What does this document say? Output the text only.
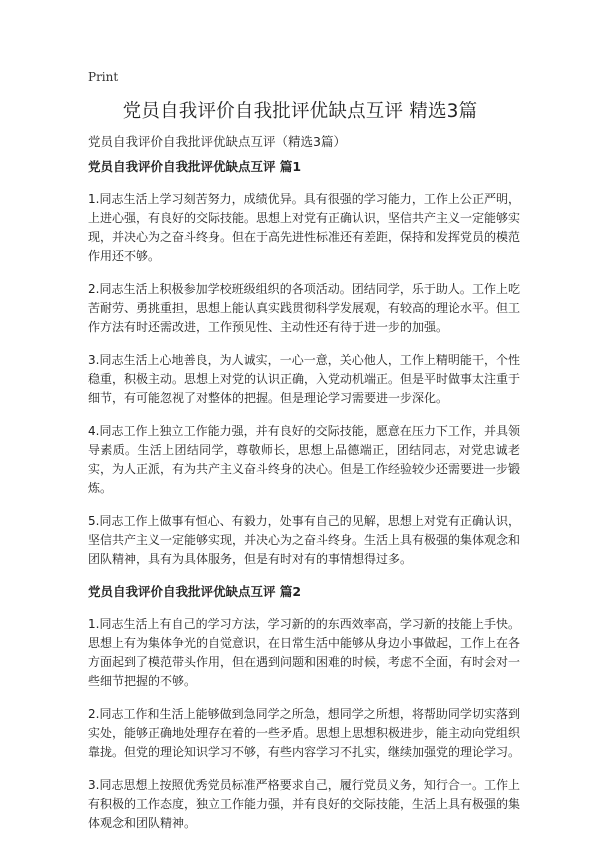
Print
党员自我评价自我批评优缺点互评 精选3篇

党员自我评价自我批评优缺点互评（精选3篇）

党员自我评价自我批评优缺点互评 篇1

1.同志生活上学习刻苦努力，成绩优异。具有很强的学习能力，工作上公正严明，上进心强，有良好的交际技能。思想上对党有正确认识，坚信共产主义一定能够实现，并决心为之奋斗终身。但在于高先进性标准还有差距，保持和发挥党员的模范作用还不够。

2.同志生活上积极参加学校班级组织的各项活动。团结同学，乐于助人。工作上吃苦耐劳、勇挑重担，思想上能认真实践贯彻科学发展观，有较高的理论水平。但工作方法有时还需改进，工作预见性、主动性还有待于进一步的加强。

3.同志生活上心地善良，为人诚实，一心一意，关心他人，工作上精明能干，个性稳重，积极主动。思想上对党的认识正确，入党动机端正。但是平时做事太注重于细节，有可能忽视了对整体的把握。但是理论学习需要进一步深化。

4.同志工作上独立工作能力强，并有良好的交际技能，愿意在压力下工作，并具领导素质。生活上团结同学，尊敬师长，思想上品德端正，团结同志，对党忠诚老实，为人正派，有为共产主义奋斗终身的决心。但是工作经验较少还需要进一步锻炼。

5.同志工作上做事有恒心、有毅力，处事有自己的见解，思想上对党有正确认识，坚信共产主义一定能够实现，并决心为之奋斗终身。生活上具有极强的集体观念和团队精神，具有为具体服务，但是有时对有的事情想得过多。

党员自我评价自我批评优缺点互评 篇2

1.同志生活上有自己的学习方法，学习新的的东西效率高，学习新的技能上手快。思想上有为集体争光的自觉意识，在日常生活中能够从身边小事做起，工作上在各方面起到了模范带头作用，但在遇到问题和困难的时候，考虑不全面，有时会对一些细节把握的不够。

2.同志工作和生活上能够做到急同学之所急，想同学之所想，将帮助同学切实落到实处，能够正确地处理存在着的一些矛盾。思想上思想积极进步，能主动向党组织靠拢。但党的理论知识学习不够，有些内容学习不扎实，继续加强党的理论学习。

3.同志思想上按照优秀党员标准严格要求自己，履行党员义务，知行合一。工作上有积极的工作态度，独立工作能力强，并有良好的交际技能，生活上具有极强的集体观念和团队精神。
